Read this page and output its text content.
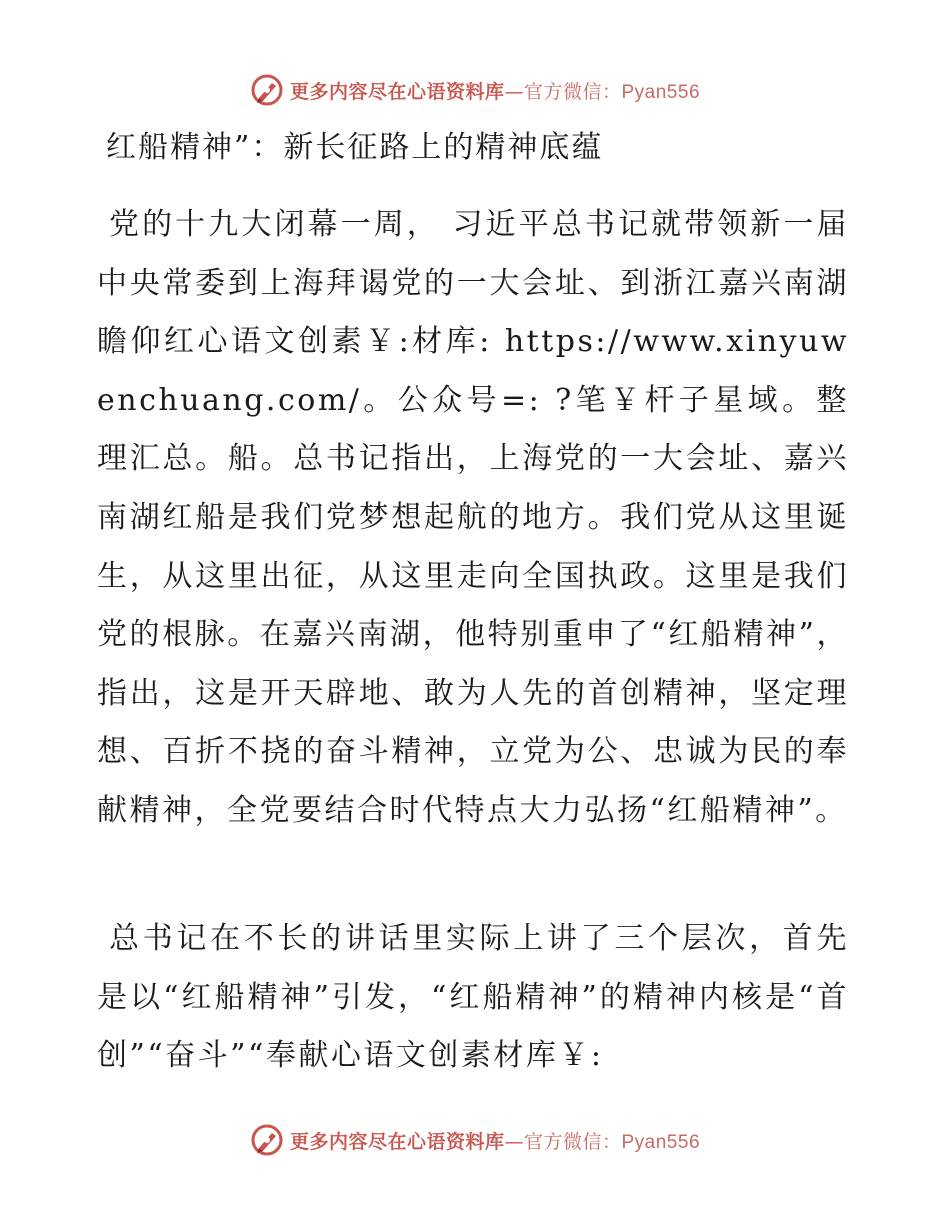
更多内容尽在心语资料库—官方微信：Pyan556
红船精神”：新长征路上的精神底蕴

党的十九大闭幕一周， 习近平总书记就带领新一届中央常委到上海拜谒党的一大会址、到浙江嘉兴南湖瞻仰红心语文创素￥:材库: https://www.xinyuwenchuang.com/。公众号=: ?笔￥杆子星域。整理汇总。船。总书记指出，上海党的一大会址、嘉兴南湖红船是我们党梦想起航的地方。我们党从这里诞生，从这里出征，从这里走向全国执政。这里是我们党的根脉。在嘉兴南湖，他特别重申了“红船精神”，指出，这是开天辟地、敢为人先的首创精神，坚定理想、百折不挠的奋斗精神，立党为公、忠诚为民的奉献精神，全党要结合时代特点大力弘扬“红船精神”。

总书记在不长的讲话里实际上讲了三个层次，首先是以“红船精神”引发，“红船精神”的精神内核是“首创”“奋斗”“奉献心语文创素材库￥:

更多内容尽在心语资料库—官方微信：Pyan556
